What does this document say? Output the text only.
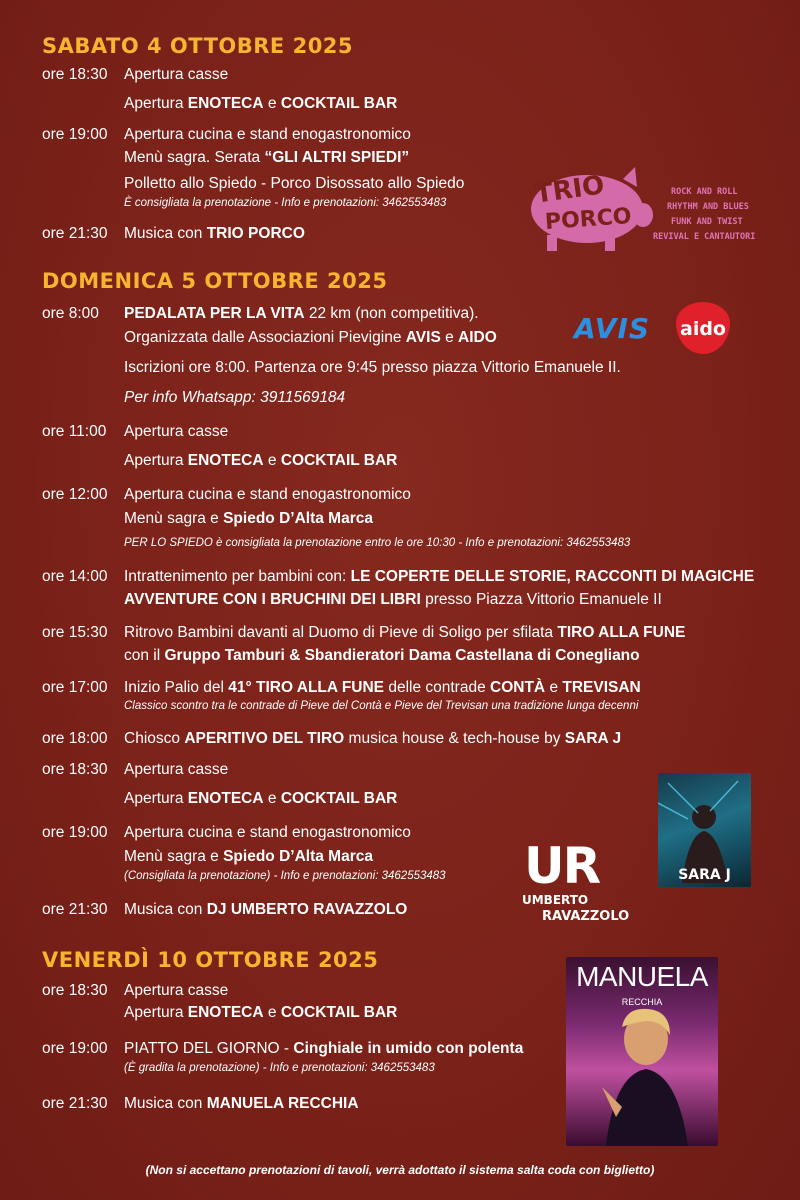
SABATO 4 OTTOBRE 2025
ore 18:30	Apertura casse
Apertura ENOTECA e COCKTAIL BAR
ore 19:00	Apertura cucina e stand enogastronomico
Menù sagra. Serata “GLI ALTRI SPIEDI”
Polletto allo Spiedo - Porco Disossato allo Spiedo
È consigliata la prenotazione - Info e prenotazioni: 3462553483
ore 21:30	Musica con TRIO PORCO
TRIO
PORCO
ROCK AND ROLL
RHYTHM AND BLUES
FUNK AND TWIST
REVIVAL E CANTAUTORI
DOMENICA 5 OTTOBRE 2025
ore 8:00	PEDALATA PER LA VITA 22 km (non competitiva).
Organizzata dalle Associazioni Pievigine AVIS e AIDO
Iscrizioni ore 8:00. Partenza ore 9:45 presso piazza Vittorio Emanuele II.
Per info Whatsapp: 3911569184
AVIS aido
ore 11:00	Apertura casse
Apertura ENOTECA e COCKTAIL BAR
ore 12:00	Apertura cucina e stand enogastronomico
Menù sagra e Spiedo D’Alta Marca
PER LO SPIEDO è consigliata la prenotazione entro le ore 10:30 - Info e prenotazioni: 3462553483
ore 14:00	Intrattenimento per bambini con: LE COPERTE DELLE STORIE, RACCONTI DI MAGICHE
AVVENTURE CON I BRUCHINI DEI LIBRI presso Piazza Vittorio Emanuele II
ore 15:30	Ritrovo Bambini davanti al Duomo di Pieve di Soligo per sfilata TIRO ALLA FUNE
con il Gruppo Tamburi & Sbandieratori Dama Castellana di Conegliano
ore 17:00	Inizio Palio del 41° TIRO ALLA FUNE delle contrade CONTÀ e TREVISAN
Classico scontro tra le contrade di Pieve del Contà e Pieve del Trevisan una tradizione lunga decenni
ore 18:00	Chiosco APERITIVO DEL TIRO musica house & tech-house by SARA J
ore 18:30	Apertura casse
Apertura ENOTECA e COCKTAIL BAR
ore 19:00	Apertura cucina e stand enogastronomico
Menù sagra e Spiedo D’Alta Marca
(Consigliata la prenotazione) - Info e prenotazioni: 3462553483
ore 21:30	Musica con DJ UMBERTO RAVAZZOLO
SARA J
UR
UMBERTO
RAVAZZOLO
VENERDÌ 10 OTTOBRE 2025
ore 18:30	Apertura casse
Apertura ENOTECA e COCKTAIL BAR
ore 19:00	PIATTO DEL GIORNO - Cinghiale in umido con polenta
(È gradita la prenotazione) - Info e prenotazioni: 3462553483
ore 21:30	Musica con MANUELA RECCHIA
MANUELA
RECCHIA
(Non si accettano prenotazioni di tavoli, verrà adottato il sistema salta coda con biglietto)
